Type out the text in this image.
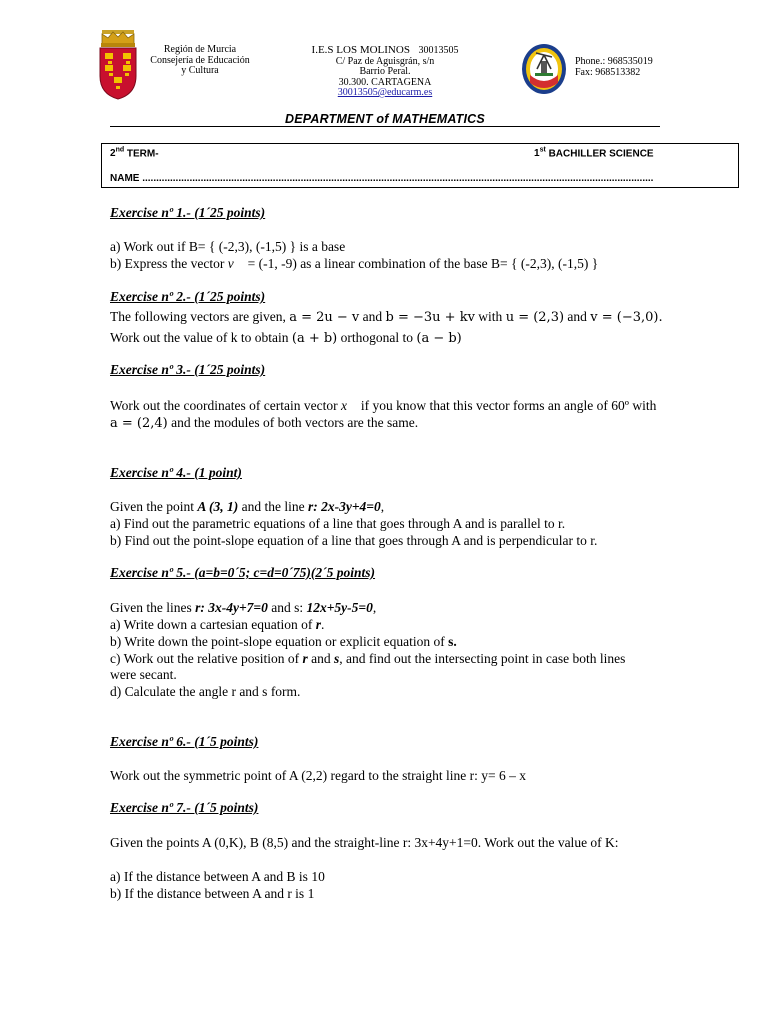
Región de Murcia
Consejería de Educación
y Cultura
I.E.S LOS MOLINOS 30013505
C/ Paz de Aguisgrán, s/n
Barrio Peral.
30.300. CARTAGENA
30013505@educarm.es
Phone.: 968535019
Fax: 968513382
DEPARTMENT of MATHEMATICS
2nd TERM-	1st BACHILLER SCIENCE
NAME ........................................................................................................................................................................................
Exercise nº 1.- (1´25 points)
a) Work out if B= { (-2,3), (-1,5) } is a base
b) Express the vector v⃗ = (-1, -9) as a linear combination of the base B= { (-2,3), (-1,5) }
Exercise nº 2.- (1´25 points)
The following vectors are given, a = 2u − v and b = −3u + kv with u = (2,3) and v = (−3,0).
Work out the value of k to obtain (a + b) orthogonal to (a − b)
Exercise nº 3.- (1´25 points)
Work out the coordinates of certain vector x⃗ if you know that this vector forms an angle of 60º with
a = (2,4) and the modules of both vectors are the same.
Exercise nº 4.- (1 point)
Given the point A (3, 1) and the line r: 2x-3y+4=0,
a) Find out the parametric equations of a line that goes through A and is parallel to r.
b) Find out the point-slope equation of a line that goes through A and is perpendicular to r.
Exercise nº 5.- (a=b=0´5; c=d=0´75)(2´5 points)
Given the lines r: 3x-4y+7=0 and s: 12x+5y-5=0,
a) Write down a cartesian equation of r.
b) Write down the point-slope equation or explicit equation of s.
c) Work out the relative position of r and s, and find out the intersecting point in case both lines
were secant.
d) Calculate the angle r and s form.
Exercise nº 6.- (1´5 points)
Work out the symmetric point of A (2,2) regard to the straight line r: y= 6 – x
Exercise nº 7.- (1´5 points)
Given the points A (0,K), B (8,5) and the straight-line r: 3x+4y+1=0. Work out the value of K:
a) If the distance between A and B is 10
b) If the distance between A and r is 1
